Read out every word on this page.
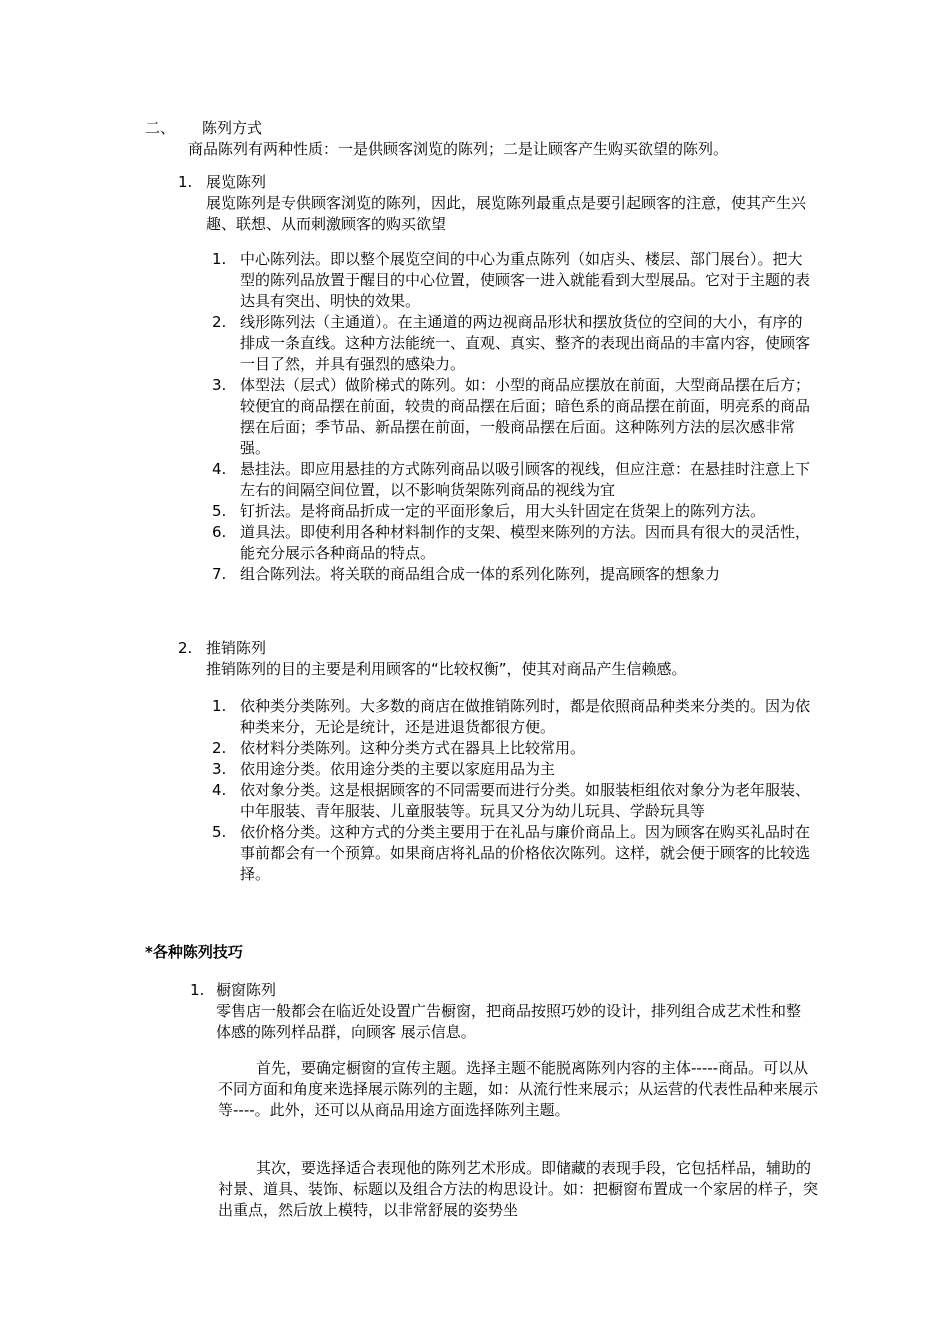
二、 陈列方式
商品陈列有两种性质：一是供顾客浏览的陈列；二是让顾客产生购买欲望的陈列。
1. 展览陈列
展览陈列是专供顾客浏览的陈列，因此，展览陈列最重点是要引起顾客的注意，使其产生兴趣、联想、从而刺激顾客的购买欲望
1. 中心陈列法。即以整个展览空间的中心为重点陈列（如店头、楼层、部门展台）。把大型的陈列品放置于醒目的中心位置，使顾客一进入就能看到大型展品。它对于主题的表达具有突出、明快的效果。
2. 线形陈列法（主通道）。在主通道的两边视商品形状和摆放货位的空间的大小，有序的排成一条直线。这种方法能统一、直观、真实、整齐的表现出商品的丰富内容，使顾客一目了然，并具有强烈的感染力。
3. 体型法（层式）做阶梯式的陈列。如：小型的商品应摆放在前面，大型商品摆在后方；较便宜的商品摆在前面，较贵的商品摆在后面；暗色系的商品摆在前面，明亮系的商品摆在后面；季节品、新品摆在前面，一般商品摆在后面。这种陈列方法的层次感非常强。
4. 悬挂法。即应用悬挂的方式陈列商品以吸引顾客的视线，但应注意：在悬挂时注意上下左右的间隔空间位置，以不影响货架陈列商品的视线为宜
5. 钉折法。是将商品折成一定的平面形象后，用大头针固定在货架上的陈列方法。
6. 道具法。即使利用各种材料制作的支架、模型来陈列的方法。因而具有很大的灵活性，能充分展示各种商品的特点。
7. 组合陈列法。将关联的商品组合成一体的系列化陈列，提高顾客的想象力
2. 推销陈列
推销陈列的目的主要是利用顾客的“比较权衡”，使其对商品产生信赖感。
1. 依种类分类陈列。大多数的商店在做推销陈列时，都是依照商品种类来分类的。因为依种类来分，无论是统计，还是进退货都很方便。
2. 依材料分类陈列。这种分类方式在器具上比较常用。
3. 依用途分类。依用途分类的主要以家庭用品为主
4. 依对象分类。这是根据顾客的不同需要而进行分类。如服装柜组依对象分为老年服装、中年服装、青年服装、儿童服装等。玩具又分为幼儿玩具、学龄玩具等
5. 依价格分类。这种方式的分类主要用于在礼品与廉价商品上。因为顾客在购买礼品时在事前都会有一个预算。如果商店将礼品的价格依次陈列。这样，就会便于顾客的比较选择。
*各种陈列技巧
1. 橱窗陈列
零售店一般都会在临近处设置广告橱窗，把商品按照巧妙的设计，排列组合成艺术性和整体感的陈列样品群，向顾客 展示信息。
首先，要确定橱窗的宣传主题。选择主题不能脱离陈列内容的主体-----商品。可以从不同方面和角度来选择展示陈列的主题，如：从流行性来展示；从运营的代表性品种来展示等----。此外，还可以从商品用途方面选择陈列主题。
其次，要选择适合表现他的陈列艺术形成。即储藏的表现手段，它包括样品，辅助的衬景、道具、装饰、标题以及组合方法的构思设计。如：把橱窗布置成一个家居的样子，突出重点，然后放上模特，以非常舒展的姿势坐
